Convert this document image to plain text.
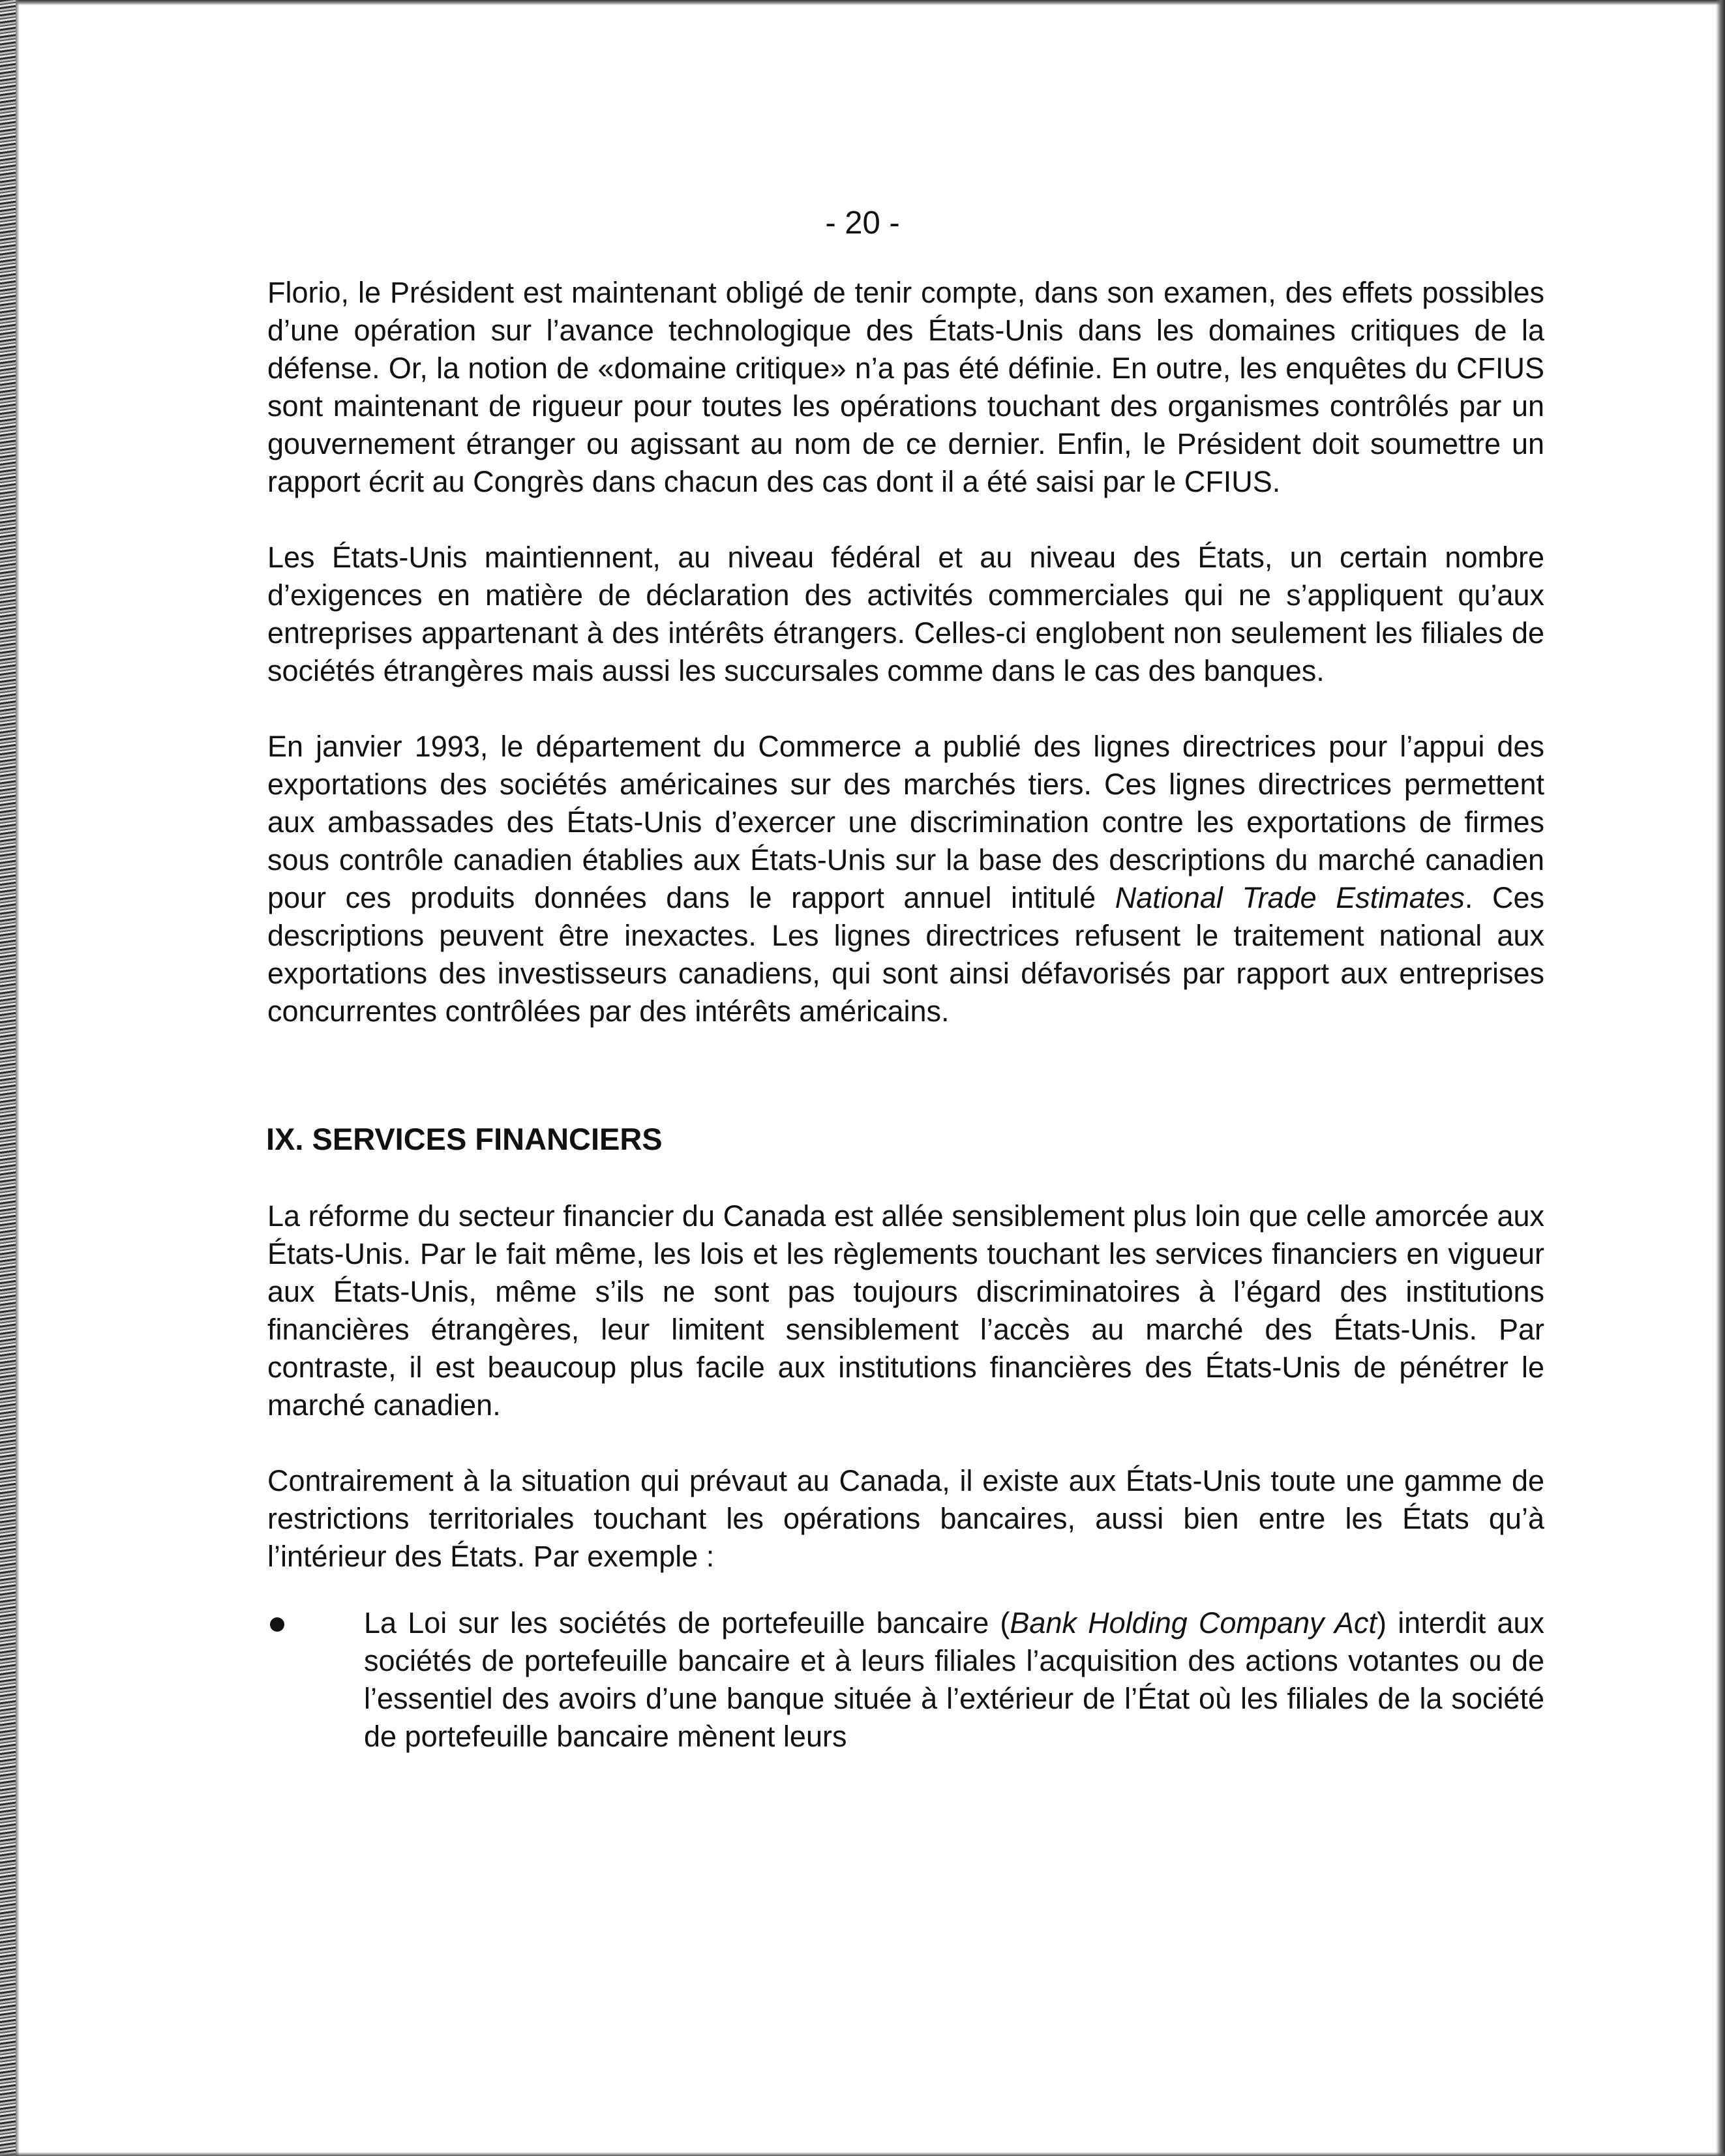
- 20 -

Florio, le Président est maintenant obligé de tenir compte, dans son examen, des effets possibles d’une opération sur l’avance technologique des États-Unis dans les domaines critiques de la défense. Or, la notion de «domaine critique» n’a pas été définie. En outre, les enquêtes du CFIUS sont maintenant de rigueur pour toutes les opérations touchant des organismes contrôlés par un gouvernement étranger ou agissant au nom de ce dernier. Enfin, le Président doit soumettre un rapport écrit au Congrès dans chacun des cas dont il a été saisi par le CFIUS.

Les États-Unis maintiennent, au niveau fédéral et au niveau des États, un certain nombre d’exigences en matière de déclaration des activités commerciales qui ne s’appliquent qu’aux entreprises appartenant à des intérêts étrangers. Celles-ci englobent non seulement les filiales de sociétés étrangères mais aussi les succursales comme dans le cas des banques.

En janvier 1993, le département du Commerce a publié des lignes directrices pour l’appui des exportations des sociétés américaines sur des marchés tiers. Ces lignes directrices permettent aux ambassades des États-Unis d’exercer une discrimination contre les exportations de firmes sous contrôle canadien établies aux États-Unis sur la base des descriptions du marché canadien pour ces produits données dans le rapport annuel intitulé National Trade Estimates. Ces descriptions peuvent être inexactes. Les lignes directrices refusent le traitement national aux exportations des investisseurs canadiens, qui sont ainsi défavorisés par rapport aux entreprises concurrentes contrôlées par des intérêts américains.

IX. SERVICES FINANCIERS

La réforme du secteur financier du Canada est allée sensiblement plus loin que celle amorcée aux États-Unis. Par le fait même, les lois et les règlements touchant les services financiers en vigueur aux États-Unis, même s’ils ne sont pas toujours discriminatoires à l’égard des institutions financières étrangères, leur limitent sensiblement l’accès au marché des États-Unis. Par contraste, il est beaucoup plus facile aux institutions financières des États-Unis de pénétrer le marché canadien.

Contrairement à la situation qui prévaut au Canada, il existe aux États-Unis toute une gamme de restrictions territoriales touchant les opérations bancaires, aussi bien entre les États qu’à l’intérieur des États. Par exemple :

La Loi sur les sociétés de portefeuille bancaire (Bank Holding Company Act) interdit aux sociétés de portefeuille bancaire et à leurs filiales l’acquisition des actions votantes ou de l’essentiel des avoirs d’une banque située à l’extérieur de l’État où les filiales de la société de portefeuille bancaire mènent leurs
